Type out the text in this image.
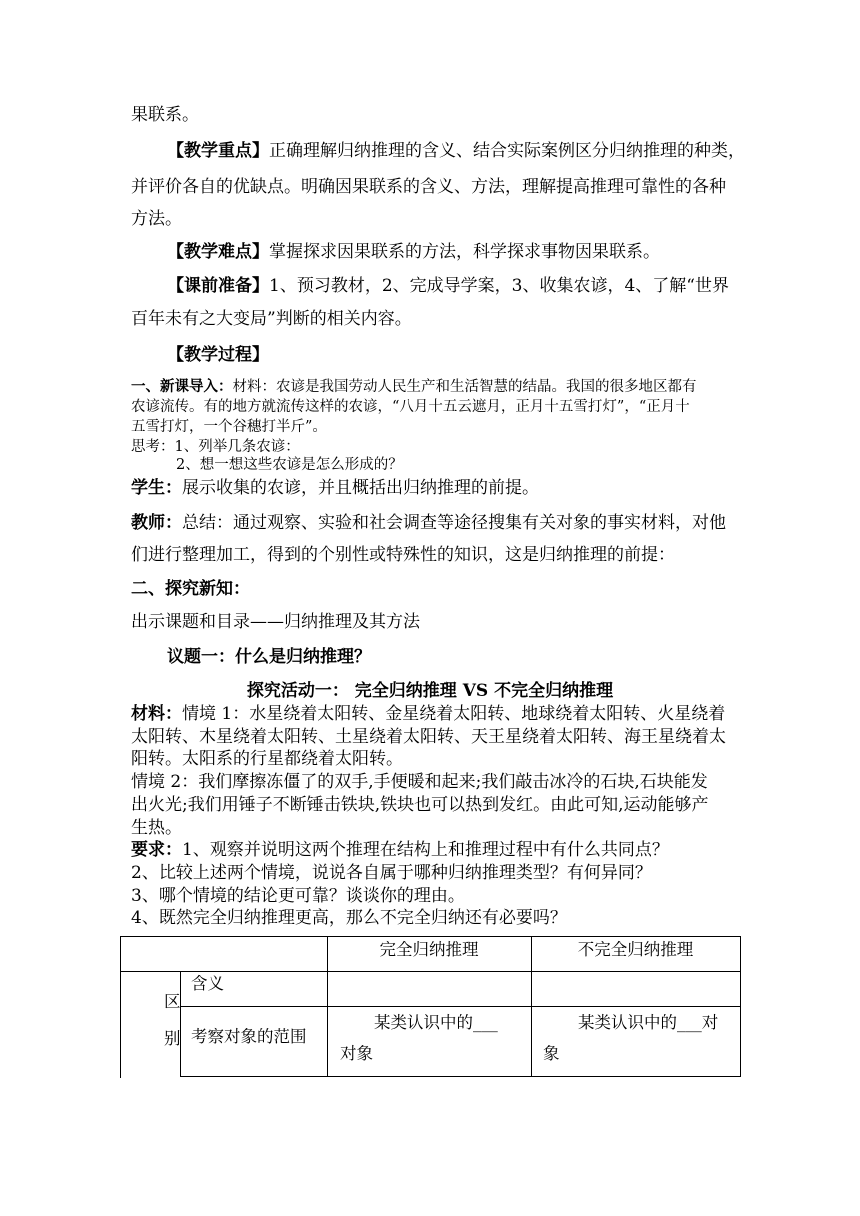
果联系。
【教学重点】正确理解归纳推理的含义、结合实际案例区分归纳推理的种类，
并评价各自的优缺点。明确因果联系的含义、方法，理解提高推理可靠性的各种
方法。
【教学难点】掌握探求因果联系的方法，科学探求事物因果联系。
【课前准备】1、预习教材，2、完成导学案，3、收集农谚，4、了解“世界
百年未有之大变局”判断的相关内容。
【教学过程】
一、新课导入：材料：农谚是我国劳动人民生产和生活智慧的结晶。我国的很多地区都有
农谚流传。有的地方就流传这样的农谚，“八月十五云遮月，正月十五雪打灯”，“正月十
五雪打灯，一个谷穗打半斤”。
思考：1、列举几条农谚：
2、想一想这些农谚是怎么形成的？
学生：展示收集的农谚，并且概括出归纳推理的前提。
教师：总结：通过观察、实验和社会调查等途径搜集有关对象的事实材料，对他
们进行整理加工，得到的个别性或特殊性的知识，这是归纳推理的前提：
二、探究新知：
出示课题和目录——归纳推理及其方法
议题一：什么是归纳推理？
探究活动一： 完全归纳推理 VS 不完全归纳推理
材料：情境 1：水星绕着太阳转、金星绕着太阳转、地球绕着太阳转、火星绕着
太阳转、木星绕着太阳转、土星绕着太阳转、天王星绕着太阳转、海王星绕着太
阳转。太阳系的行星都绕着太阳转。
情境 2：我们摩擦冻僵了的双手,手便暖和起来;我们敲击冰冷的石块,石块能发
出火光;我们用锤子不断锤击铁块,铁块也可以热到发红。由此可知,运动能够产
生热。
要求：1、观察并说明这两个推理在结构上和推理过程中有什么共同点？
2、比较上述两个情境，说说各自属于哪种归纳推理类型？有何异同？
3、哪个情境的结论更可靠？谈谈你的理由。
4、既然完全归纳推理更高，那么不完全归纳还有必要吗？
完全归纳推理	不完全归纳推理
区
别
含义
考察对象的范围
某类认识中的___
对象
某类认识中的___对
象
